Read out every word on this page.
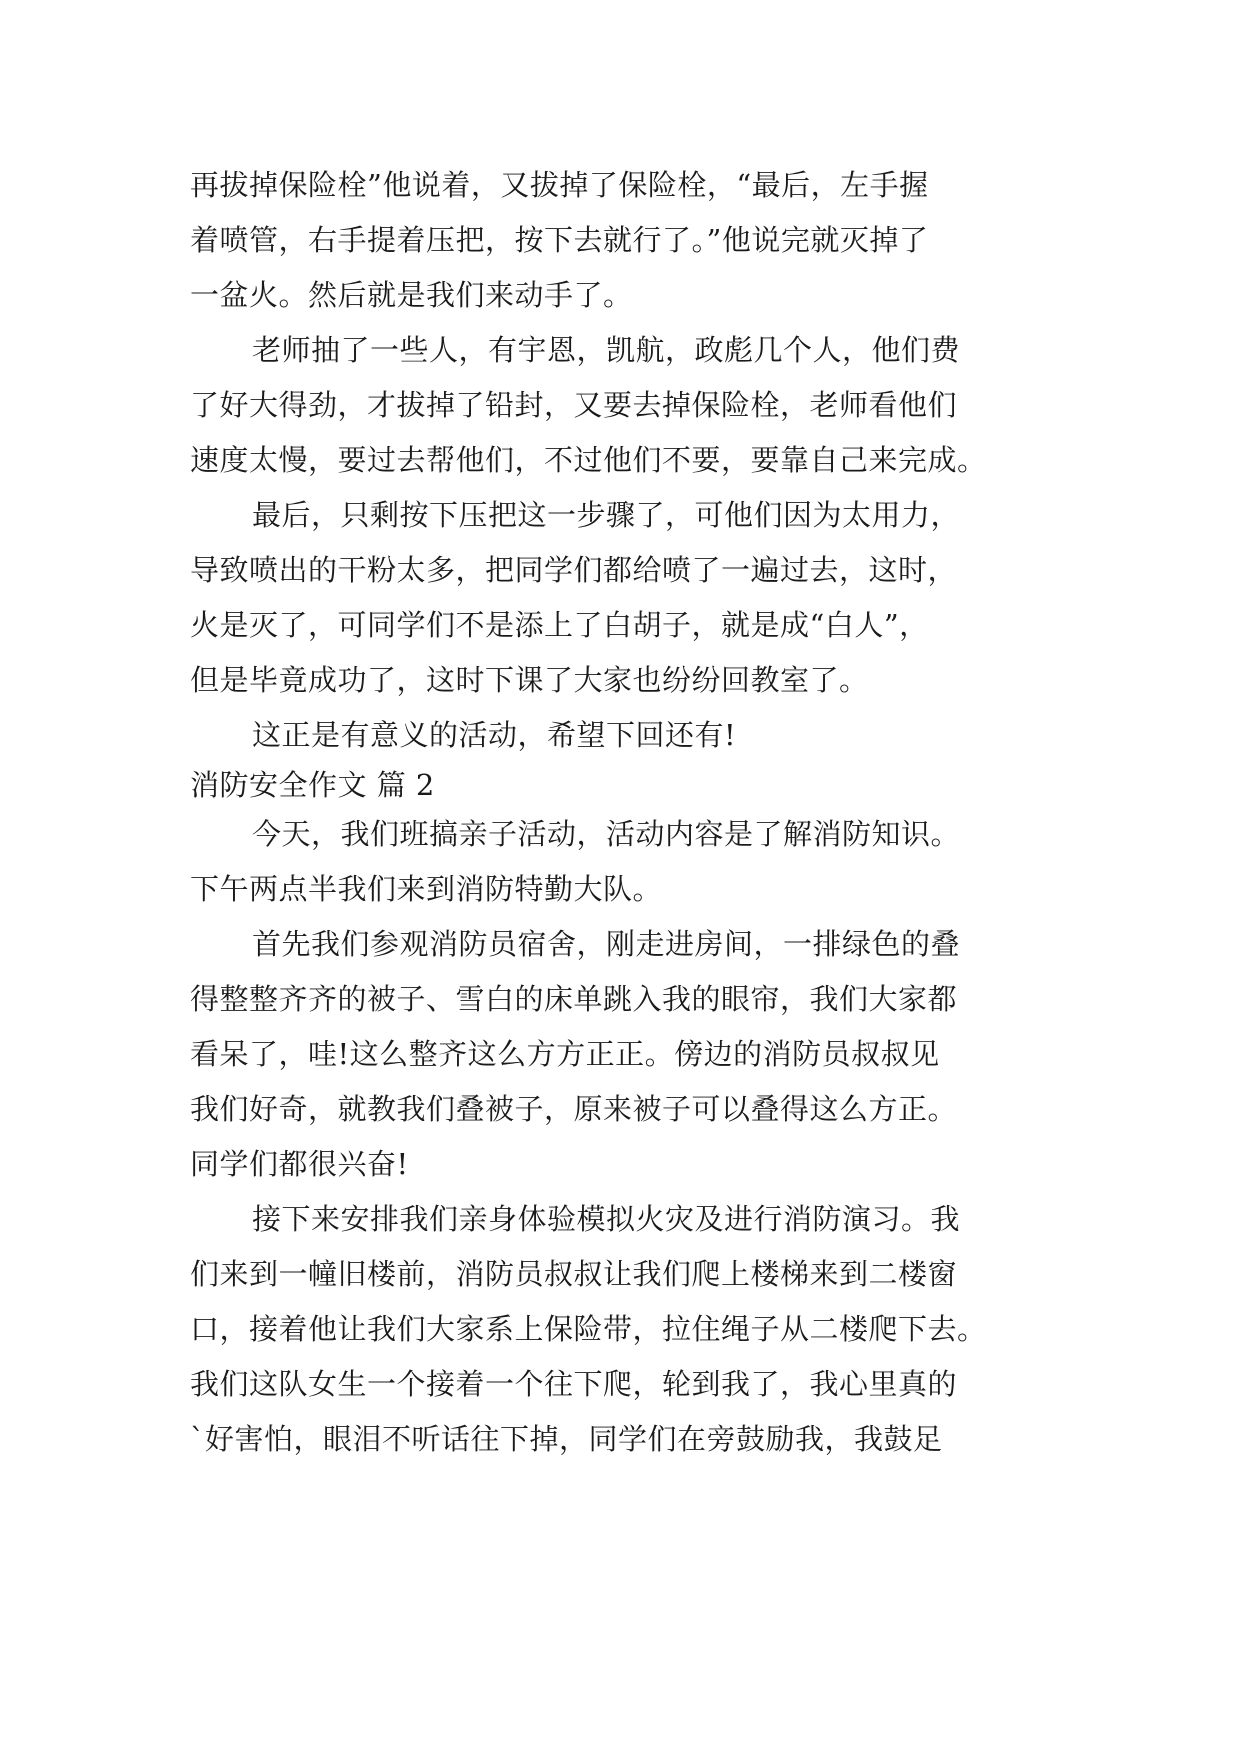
再拔掉保险栓”他说着，又拔掉了保险栓，“最后，左手握
着喷管，右手提着压把，按下去就行了。”他说完就灭掉了
一盆火。然后就是我们来动手了。
老师抽了一些人，有宇恩，凯航，政彪几个人，他们费
了好大得劲，才拔掉了铅封，又要去掉保险栓，老师看他们
速度太慢，要过去帮他们，不过他们不要，要靠自己来完成。
最后，只剩按下压把这一步骤了，可他们因为太用力，
导致喷出的干粉太多，把同学们都给喷了一遍过去，这时，
火是灭了，可同学们不是添上了白胡子，就是成“白人”，
但是毕竟成功了，这时下课了大家也纷纷回教室了。
这正是有意义的活动，希望下回还有!
消防安全作文 篇 2
今天，我们班搞亲子活动，活动内容是了解消防知识。
下午两点半我们来到消防特勤大队。
首先我们参观消防员宿舍，刚走进房间，一排绿色的叠
得整整齐齐的被子、雪白的床单跳入我的眼帘，我们大家都
看呆了，哇!这么整齐这么方方正正。傍边的消防员叔叔见
我们好奇，就教我们叠被子，原来被子可以叠得这么方正。
同学们都很兴奋!
接下来安排我们亲身体验模拟火灾及进行消防演习。我
们来到一幢旧楼前，消防员叔叔让我们爬上楼梯来到二楼窗
口，接着他让我们大家系上保险带，拉住绳子从二楼爬下去。
我们这队女生一个接着一个往下爬，轮到我了，我心里真的
`好害怕，眼泪不听话往下掉，同学们在旁鼓励我，我鼓足
